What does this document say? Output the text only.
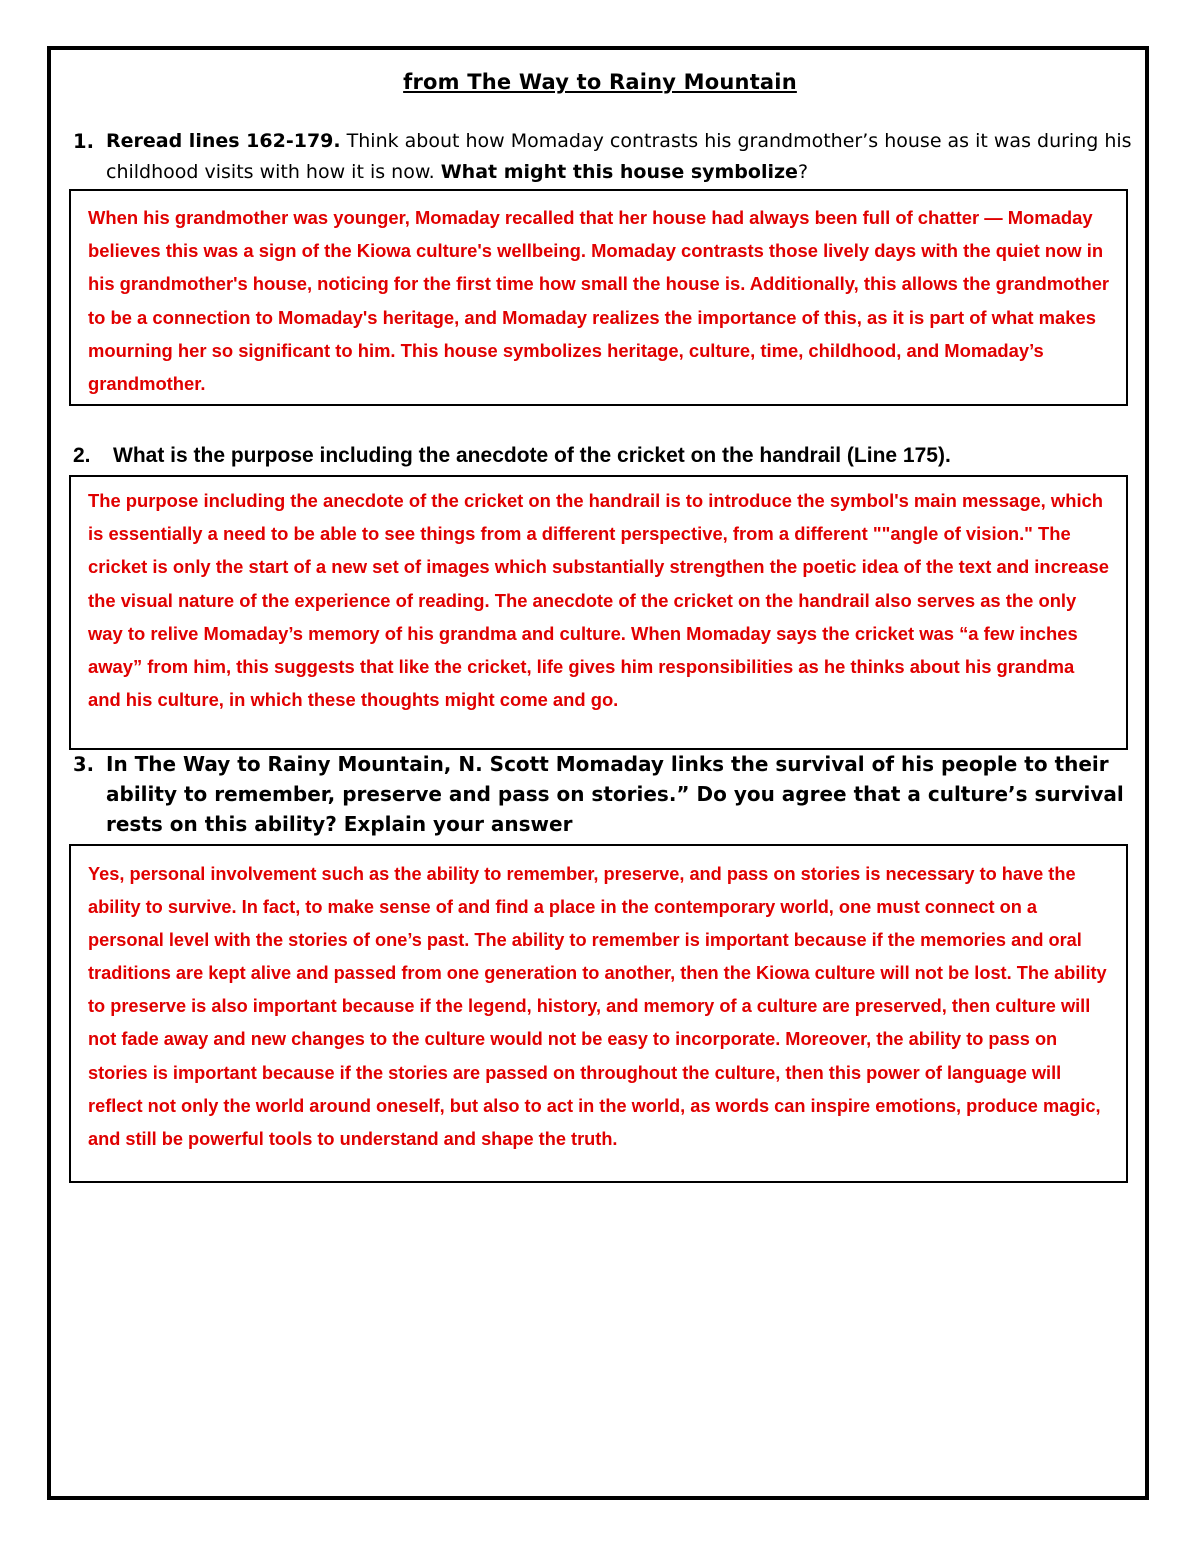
from The Way to Rainy Mountain
1. Reread lines 162-179. Think about how Momaday contrasts his grandmother’s house as it was during his childhood visits with how it is now. What might this house symbolize?
When his grandmother was younger, Momaday recalled that her house had always been full of chatter — Momaday believes this was a sign of the Kiowa culture's wellbeing. Momaday contrasts those lively days with the quiet now in his grandmother's house, noticing for the first time how small the house is. Additionally, this allows the grandmother to be a connection to Momaday's heritage, and Momaday realizes the importance of this, as it is part of what makes mourning her so significant to him. This house symbolizes heritage, culture, time, childhood, and Momaday’s grandmother.
2.	What is the purpose including the anecdote of the cricket on the handrail (Line 175).
The purpose including the anecdote of the cricket on the handrail is to introduce the symbol's main message, which is essentially a need to be able to see things from a different perspective, from a different ""angle of vision." The cricket is only the start of a new set of images which substantially strengthen the poetic idea of the text and increase the visual nature of the experience of reading. The anecdote of the cricket on the handrail also serves as the only way to relive Momaday’s memory of his grandma and culture. When Momaday says the cricket was “a few inches away” from him, this suggests that like the cricket, life gives him responsibilities as he thinks about his grandma and his culture, in which these thoughts might come and go.
3. In The Way to Rainy Mountain, N. Scott Momaday links the survival of his people to their ability to remember, preserve and pass on stories.” Do you agree that a culture’s survival rests on this ability? Explain your answer
Yes, personal involvement such as the ability to remember, preserve, and pass on stories is necessary to have the ability to survive. In fact, to make sense of and find a place in the contemporary world, one must connect on a personal level with the stories of one’s past. The ability to remember is important because if the memories and oral traditions are kept alive and passed from one generation to another, then the Kiowa culture will not be lost. The ability to preserve is also important because if the legend, history, and memory of a culture are preserved, then culture will not fade away and new changes to the culture would not be easy to incorporate. Moreover, the ability to pass on stories is important because if the stories are passed on throughout the culture, then this power of language will reflect not only the world around oneself, but also to act in the world, as words can inspire emotions, produce magic, and still be powerful tools to understand and shape the truth.
